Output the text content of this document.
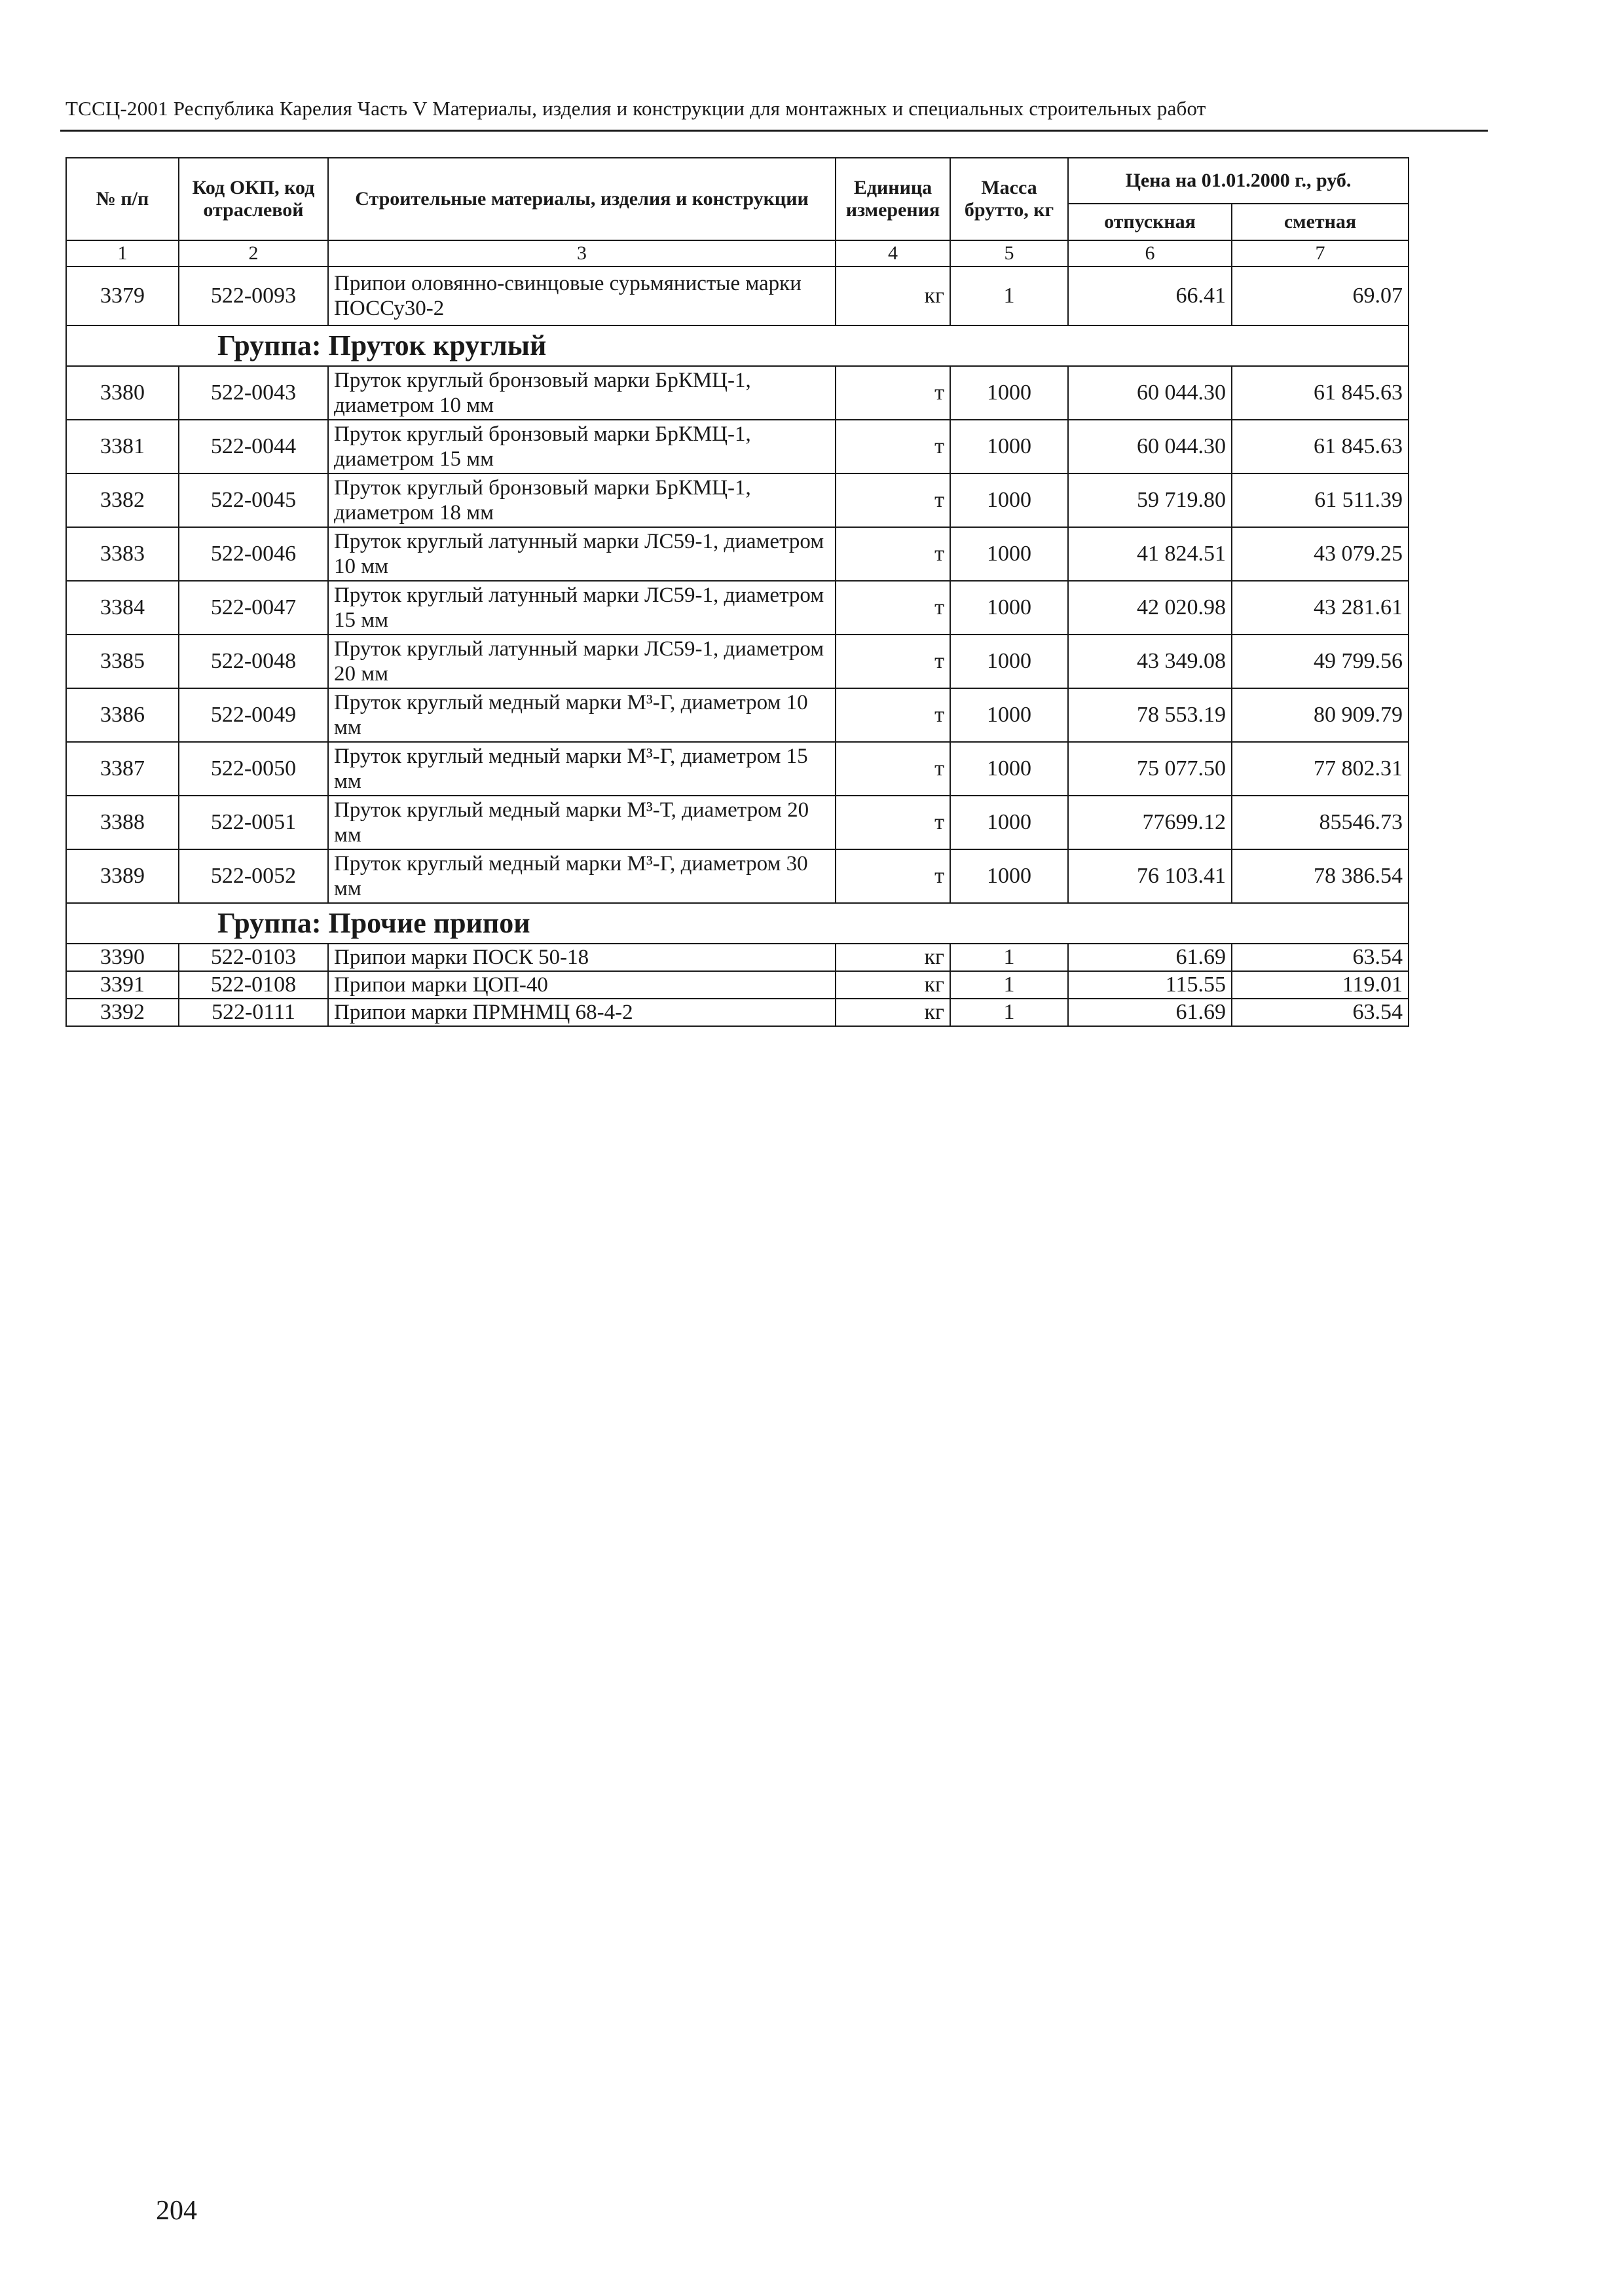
ТССЦ-2001 Республика Карелия Часть V Материалы, изделия и конструкции для монтажных и специальных строительных работ
№ п/п	Код ОКП, код отраслевой	Строительные материалы, изделия и конструкции	Единица измерения	Масса брутто, кг	Цена на 01.01.2000 г., руб.	
					отпускная	сметная
1	2	3	4	5	6	7
3379	522-0093	Припои оловянно-свинцовые сурьмянистые марки ПОССу30-2	кг	1	66.41	69.07
Группа: Пруток круглый						
3380	522-0043	Пруток круглый бронзовый марки БрКМЦ-1, диаметром 10 мм	т	1000	60 044.30	61 845.63
3381	522-0044	Пруток круглый бронзовый марки БрКМЦ-1, диаметром 15 мм	т	1000	60 044.30	61 845.63
3382	522-0045	Пруток круглый бронзовый марки БрКМЦ-1, диаметром 18 мм	т	1000	59 719.80	61 511.39
3383	522-0046	Пруток круглый латунный марки ЛС59-1, диаметром 10 мм	т	1000	41 824.51	43 079.25
3384	522-0047	Пруток круглый латунный марки ЛС59-1, диаметром 15 мм	т	1000	42 020.98	43 281.61
3385	522-0048	Пруток круглый латунный марки ЛС59-1, диаметром 20 мм	т	1000	43 349.08	49 799.56
3386	522-0049	Пруток круглый медный марки М³-Г, диаметром 10 мм	т	1000	78 553.19	80 909.79
3387	522-0050	Пруток круглый медный марки М³-Г, диаметром 15 мм	т	1000	75 077.50	77 802.31
3388	522-0051	Пруток круглый медный марки М³-Т, диаметром 20 мм	т	1000	77699.12	85546.73
3389	522-0052	Пруток круглый медный марки М³-Г, диаметром 30 мм	т	1000	76 103.41	78 386.54
Группа: Прочие припои						
3390	522-0103	Припои марки ПОСК 50-18	кг	1	61.69	63.54
3391	522-0108	Припои марки ЦОП-40	кг	1	115.55	119.01
3392	522-0111	Припои марки ПРМНМЦ 68-4-2	кг	1	61.69	63.54
204
